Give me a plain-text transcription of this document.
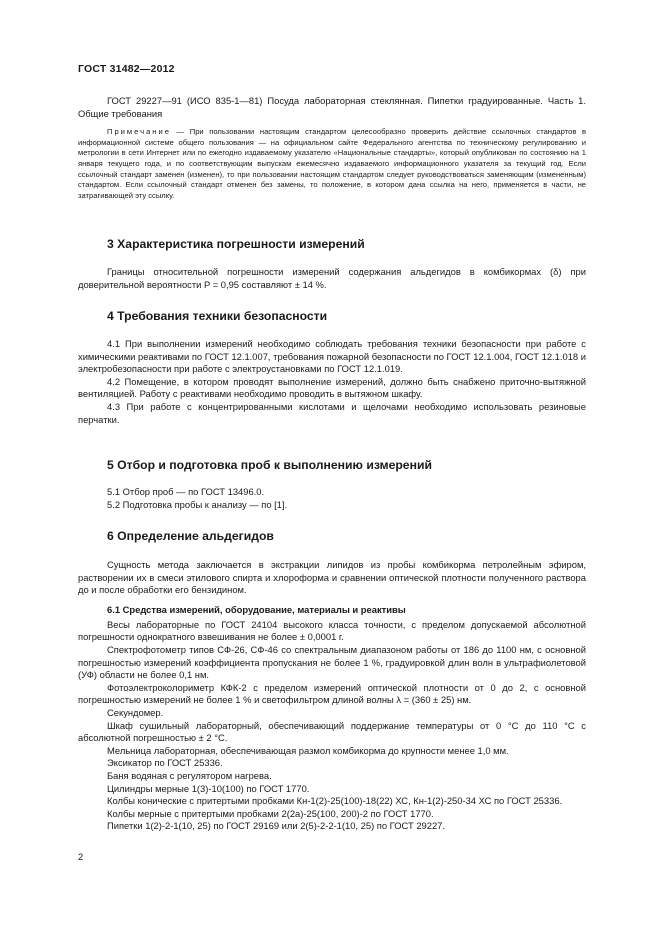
ГОСТ 31482—2012

ГОСТ 29227—91 (ИСО 835-1—81) Посуда лабораторная стеклянная. Пипетки градуированные. Часть 1. Общие требования

Примечание — При пользовании настоящим стандартом целесообразно проверить действие ссылочных стандартов в информационной системе общего пользования — на официальном сайте Федерального агентства по техническому регулированию и метрологии в сети Интернет или по ежегодно издаваемому указателю «Национальные стандарты», который опубликован по состоянию на 1 января текущего года, и по соответствующим выпускам ежемесячно издаваемого информационного указателя за текущий год. Если ссылочный стандарт заменен (изменен), то при пользовании настоящим стандартом следует руководствоваться заменяющим (измененным) стандартом. Если ссылочный стандарт отменен без замены, то положение, в котором дана ссылка на него, применяется в части, не затрагивающей эту ссылку.

3 Характеристика погрешности измерений

Границы относительной погрешности измерений содержания альдегидов в комбикормах (δ) при доверительной вероятности P = 0,95 составляют ± 14 %.

4 Требования техники безопасности

4.1 При выполнении измерений необходимо соблюдать требования техники безопасности при работе с химическими реактивами по ГОСТ 12.1.007, требования пожарной безопасности по ГОСТ 12.1.004, ГОСТ 12.1.018 и электробезопасности при работе с электроустановками по ГОСТ 12.1.019.

4.2 Помещение, в котором проводят выполнение измерений, должно быть снабжено приточно-вытяжной вентиляцией. Работу с реактивами необходимо проводить в вытяжном шкафу.

4.3 При работе с концентрированными кислотами и щелочами необходимо использовать резиновые перчатки.

5 Отбор и подготовка проб к выполнению измерений

5.1 Отбор проб — по ГОСТ 13496.0.

5.2 Подготовка пробы к анализу — по [1].

6 Определение альдегидов

Сущность метода заключается в экстракции липидов из пробы комбикорма петролейным эфиром, растворении их в смеси этилового спирта и хлороформа и сравнении оптической плотности полученного раствора до и после обработки его бензидином.

6.1 Средства измерений, оборудование, материалы и реактивы

Весы лабораторные по ГОСТ 24104 высокого класса точности, с пределом допускаемой абсолютной погрешности однократного взвешивания не более ± 0,0001 г.

Спектрофотометр типов СФ-26, СФ-46 со спектральным диапазоном работы от 186 до 1100 нм, с основной погрешностью измерений коэффициента пропускания не более 1 %, градуировкой длин волн в ультрафиолетовой (УФ) области не более 0,1 нм.

Фотоэлектроколориметр КФК-2 с пределом измерений оптической плотности от 0 до 2, с основной погрешностью измерений не более 1 % и светофильтром длиной волны λ = (360 ± 25) нм.

Секундомер.

Шкаф сушильный лабораторный, обеспечивающий поддержание температуры от 0 °С до 110 °С с абсолютной погрешностью ± 2 °С.

Мельница лабораторная, обеспечивающая размол комбикорма до крупности менее 1,0 мм.

Эксикатор по ГОСТ 25336.

Баня водяная с регулятором нагрева.

Цилиндры мерные 1(3)-10(100) по ГОСТ 1770.

Колбы конические с притертыми пробками Кн-1(2)-25(100)-18(22) ХС, Кн-1(2)-250-34 ХС по ГОСТ 25336.

Колбы мерные с притертыми пробками 2(2а)-25(100, 200)-2 по ГОСТ 1770.

Пипетки 1(2)-2-1(10, 25) по ГОСТ 29169 или 2(5)-2-2-1(10, 25) по ГОСТ 29227.

2
